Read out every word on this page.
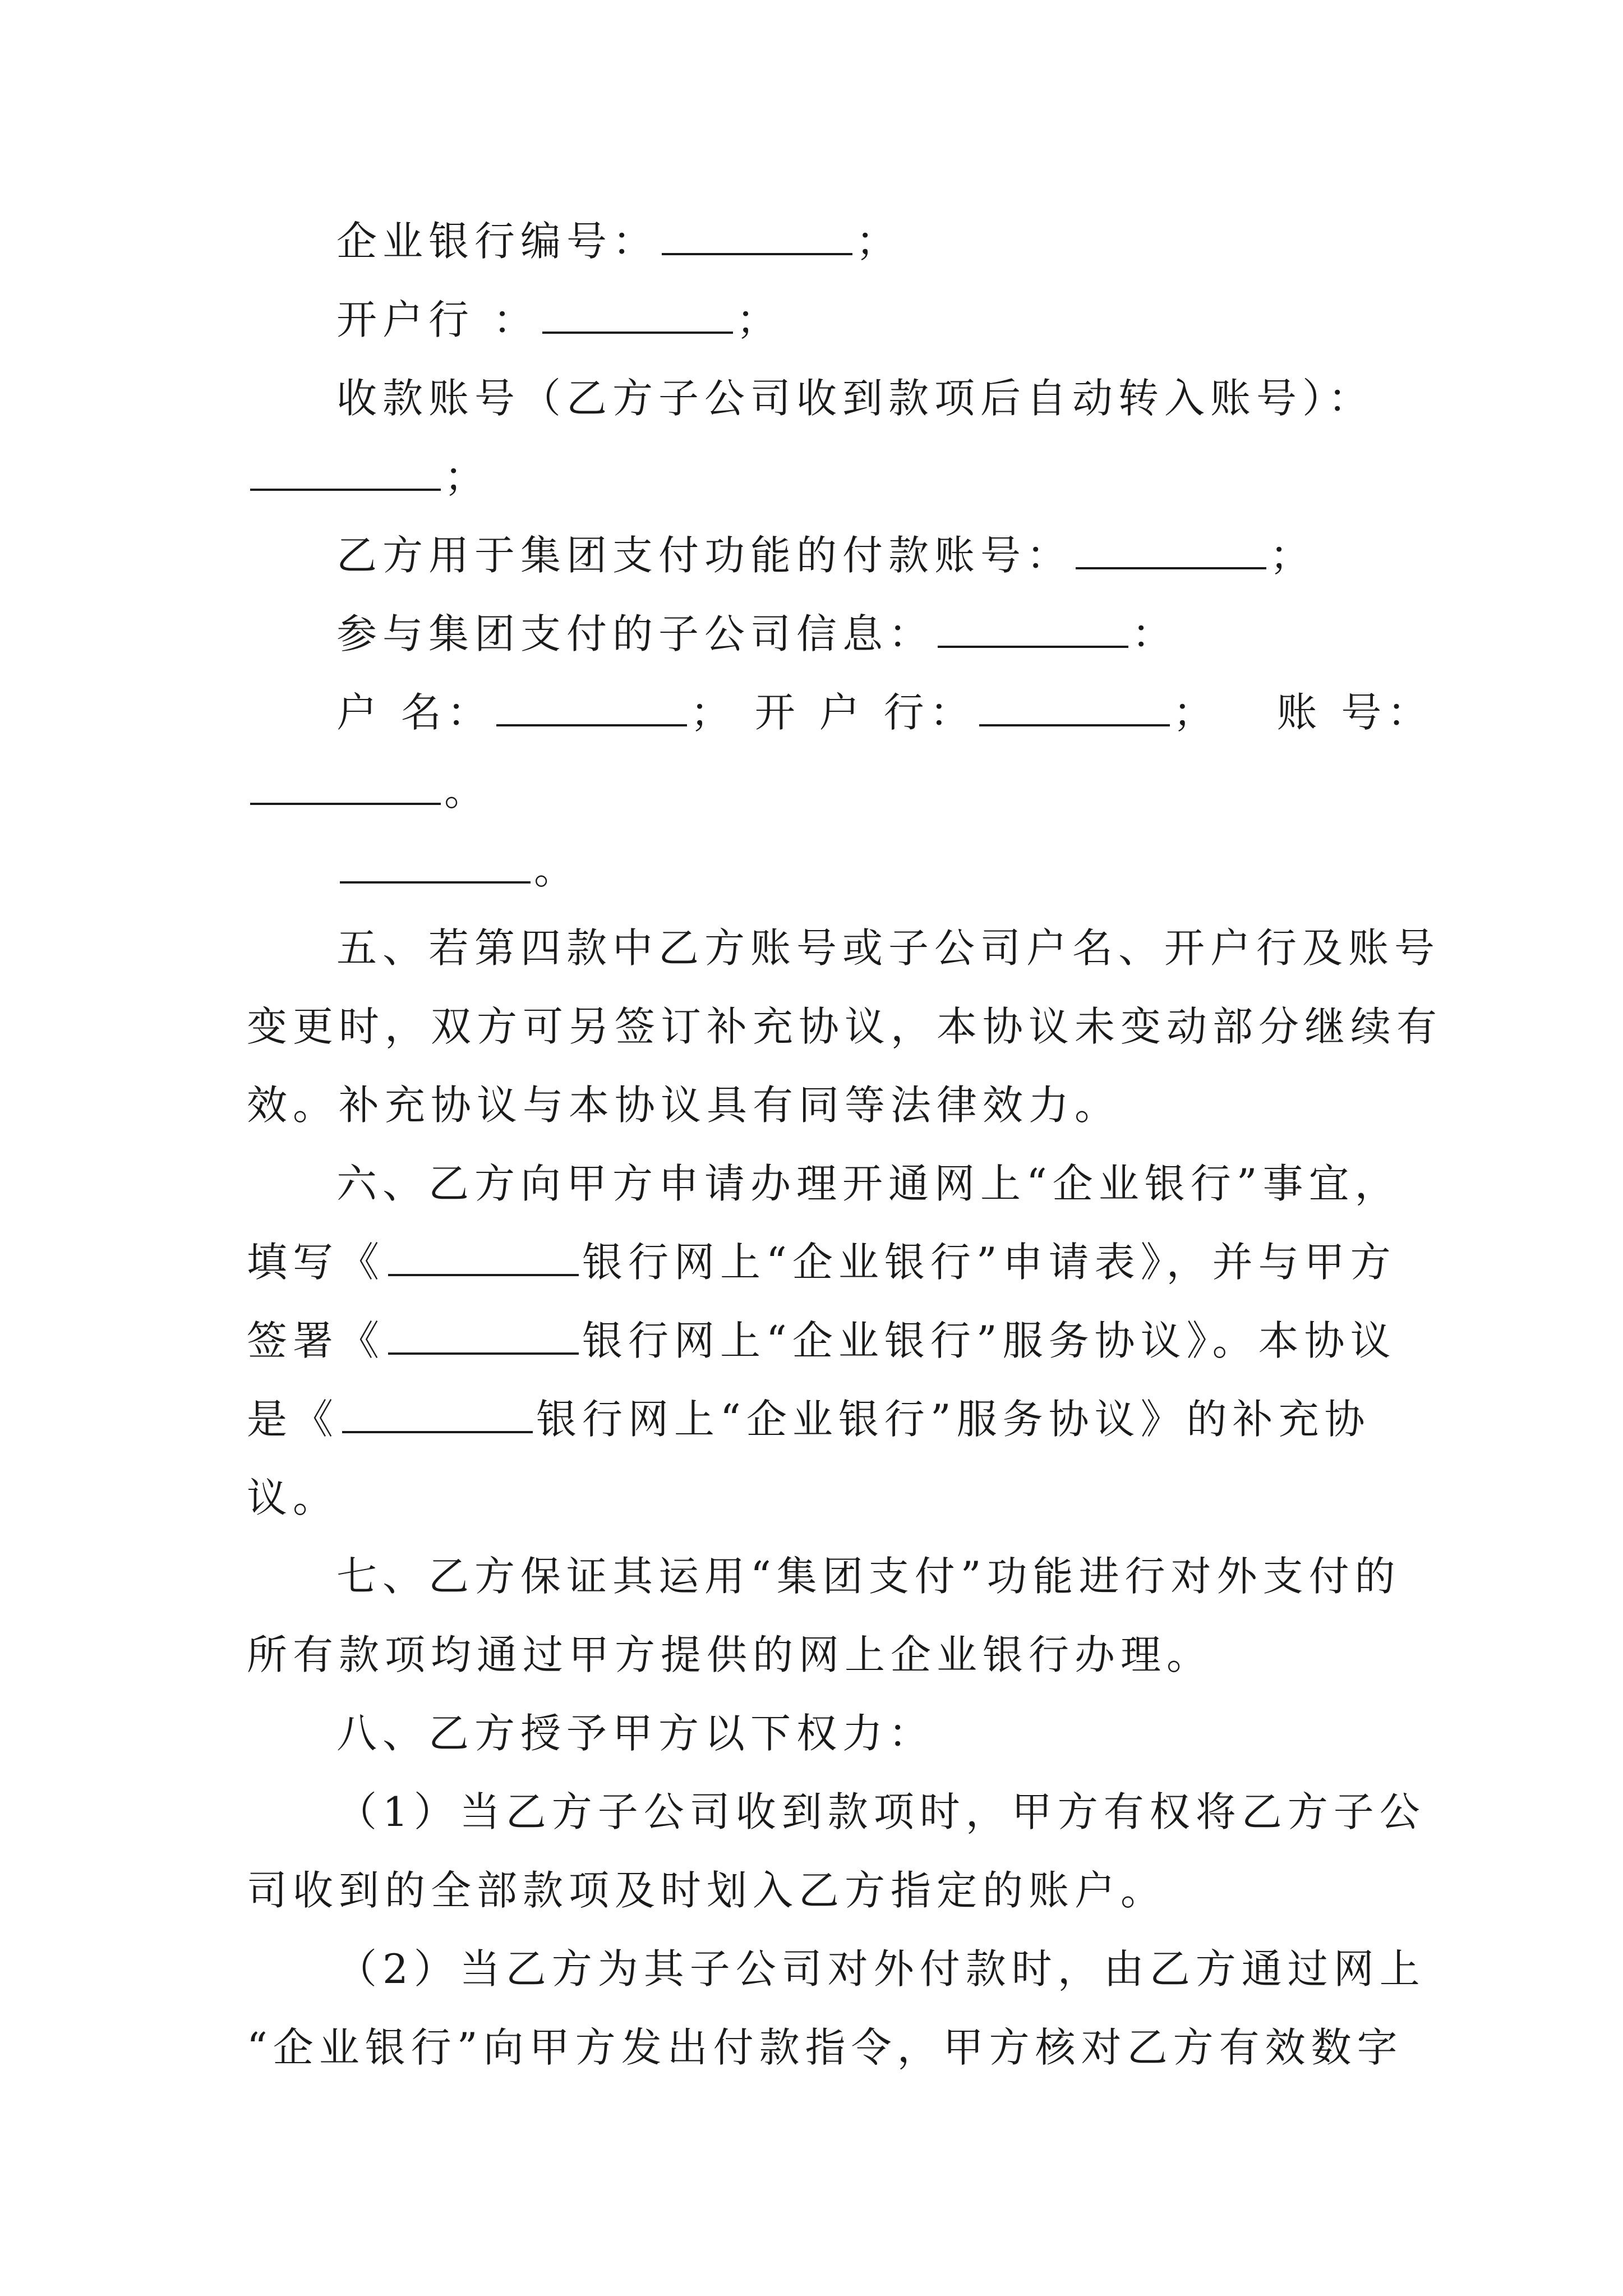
企业银行编号：	；
开户行 ：	；
收款账号（乙方子公司收到款项后自动转入账号）：
；
乙方用于集团支付功能的付款账号：	；
参与集团支付的子公司信息：	：
户 名：	； 开 户 行：	； 账 号：
。
。
五、若第四款中乙方账号或子公司户名、开户行及账号
变更时，双方可另签订补充协议，本协议未变动部分继续有
效。补充协议与本协议具有同等法律效力。
六、乙方向甲方申请办理开通网上“企业银行”事宜，
填写《	银行网上“企业银行”申请表》，并与甲方
签署《	银行网上“企业银行”服务协议》。本协议
是《	银行网上“企业银行”服务协议》的补充协
议。
七、乙方保证其运用“集团支付”功能进行对外支付的
所有款项均通过甲方提供的网上企业银行办理。
八、乙方授予甲方以下权力：
（1）当乙方子公司收到款项时，甲方有权将乙方子公
司收到的全部款项及时划入乙方指定的账户。
（2）当乙方为其子公司对外付款时，由乙方通过网上
“企业银行”向甲方发出付款指令，甲方核对乙方有效数字
